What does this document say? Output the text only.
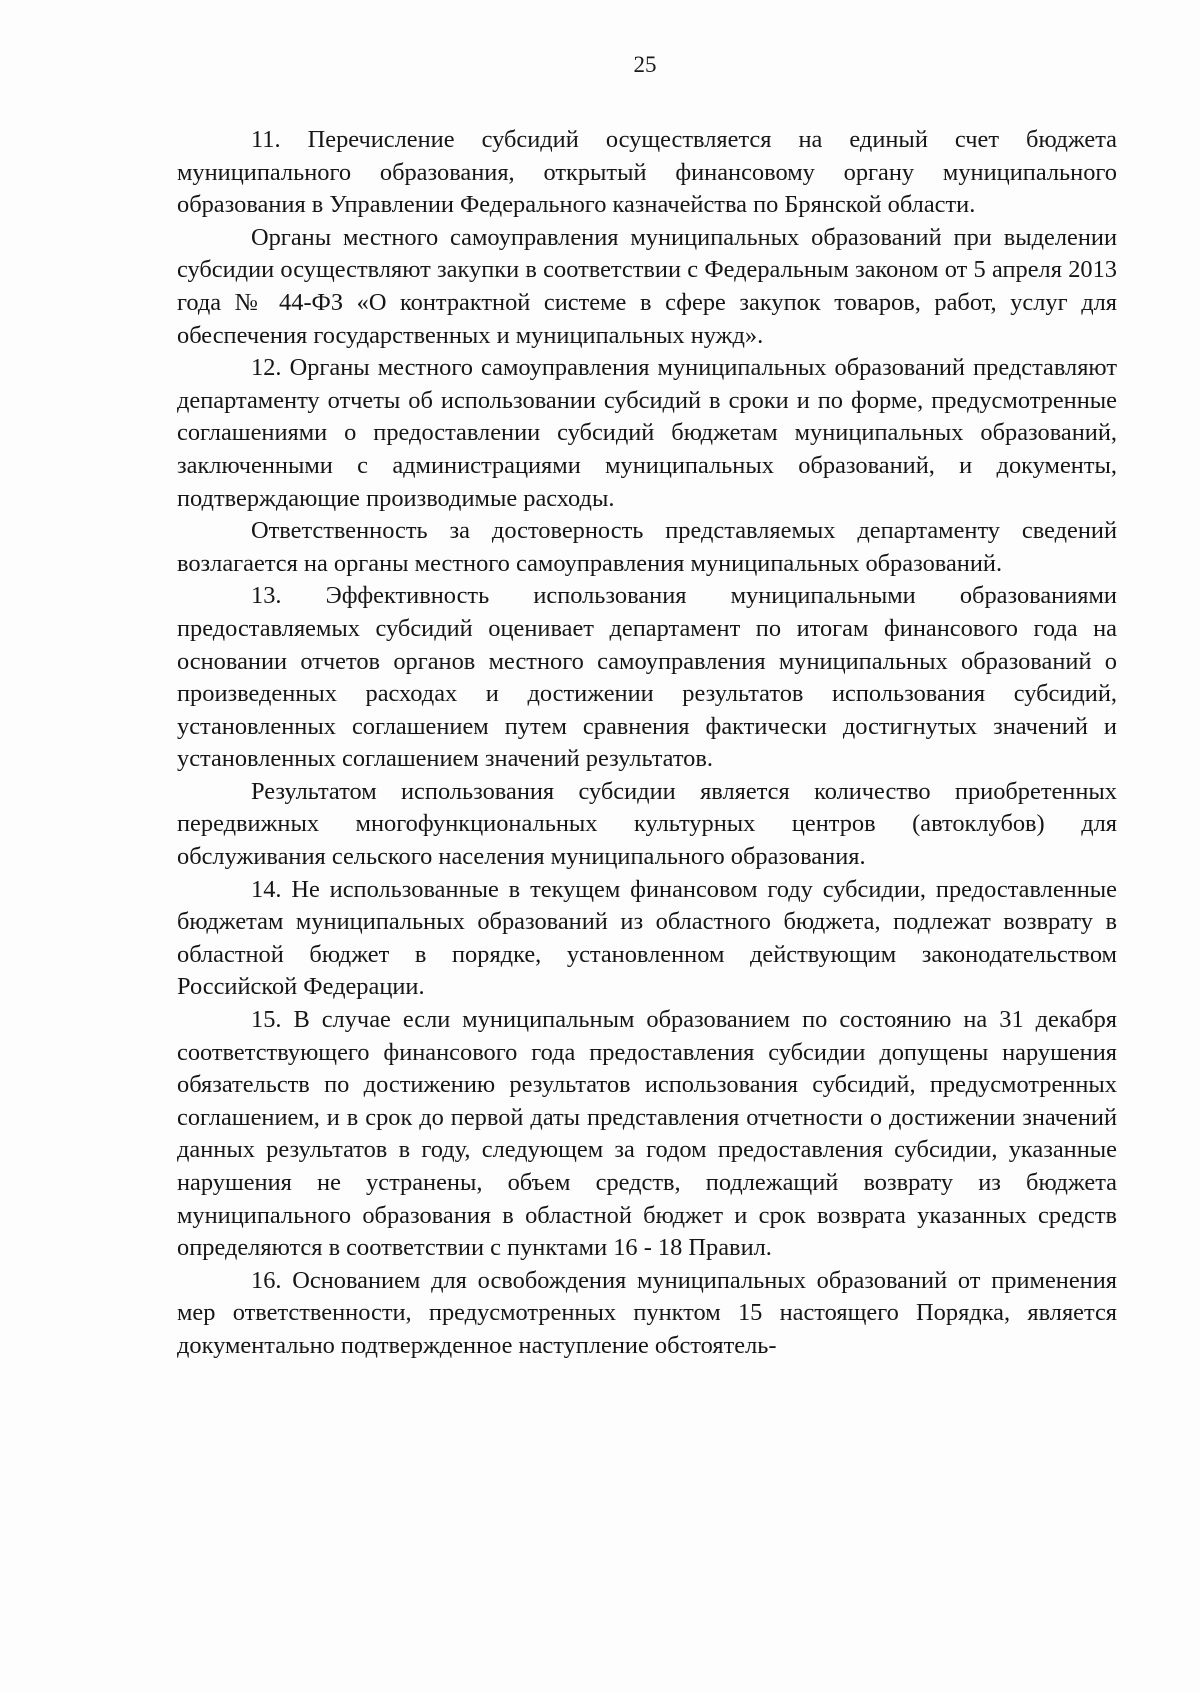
25

11. Перечисление субсидий осуществляется на единый счет бюджета муниципального образования, открытый финансовому органу муниципального образования в Управлении Федерального казначейства по Брянской области.

Органы местного самоуправления муниципальных образований при выделении субсидии осуществляют закупки в соответствии с Федеральным законом от 5 апреля 2013 года № 44-ФЗ «О контрактной системе в сфере закупок товаров, работ, услуг для обеспечения государственных и муниципальных нужд».

12. Органы местного самоуправления муниципальных образований представляют департаменту отчеты об использовании субсидий в сроки и по форме, предусмотренные соглашениями о предоставлении субсидий бюджетам муниципальных образований, заключенными с администрациями муниципальных образований, и документы, подтверждающие производимые расходы.

Ответственность за достоверность представляемых департаменту сведений возлагается на органы местного самоуправления муниципальных образований.

13. Эффективность использования муниципальными образованиями предоставляемых субсидий оценивает департамент по итогам финансового года на основании отчетов органов местного самоуправления муниципальных образований о произведенных расходах и достижении результатов использования субсидий, установленных соглашением путем сравнения фактически достигнутых значений и установленных соглашением значений результатов.

Результатом использования субсидии является количество приобретенных передвижных многофункциональных культурных центров (автоклубов) для обслуживания сельского населения муниципального образования.

14. Не использованные в текущем финансовом году субсидии, предоставленные бюджетам муниципальных образований из областного бюджета, подлежат возврату в областной бюджет в порядке, установленном действующим законодательством Российской Федерации.

15. В случае если муниципальным образованием по состоянию на 31 декабря соответствующего финансового года предоставления субсидии допущены нарушения обязательств по достижению результатов использования субсидий, предусмотренных соглашением, и в срок до первой даты представления отчетности о достижении значений данных результатов в году, следующем за годом предоставления субсидии, указанные нарушения не устранены, объем средств, подлежащий возврату из бюджета муниципального образования в областной бюджет и срок возврата указанных средств определяются в соответствии с пунктами 16 - 18 Правил.

16. Основанием для освобождения муниципальных образований от применения мер ответственности, предусмотренных пунктом 15 настоящего Порядка, является документально подтвержденное наступление обстоятель-
